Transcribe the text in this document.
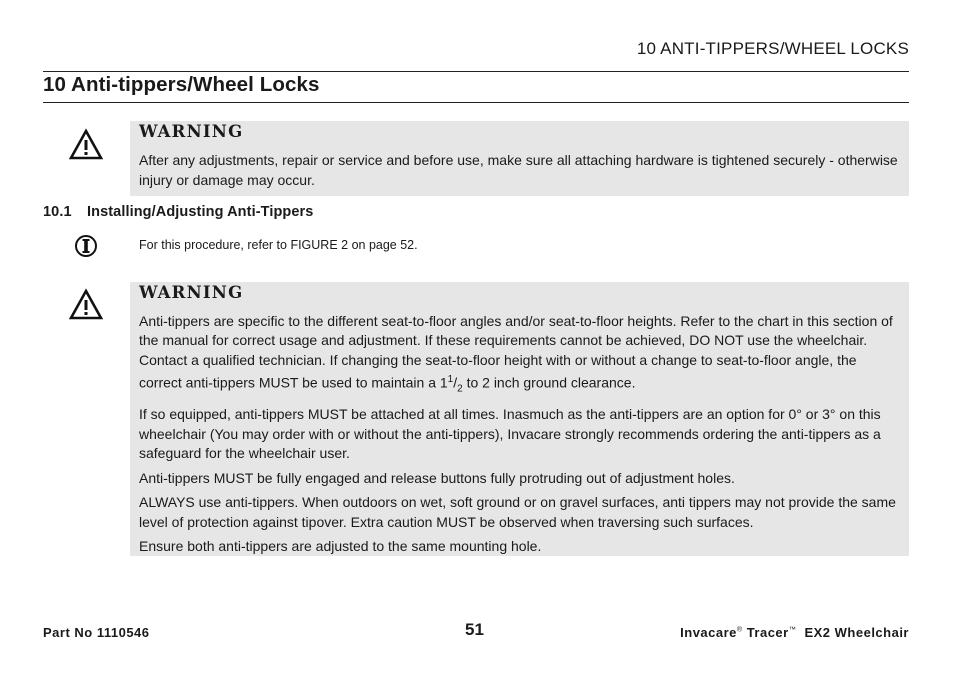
10 ANTI-TIPPERS/WHEEL LOCKS
10 Anti-tippers/Wheel Locks
WARNING

After any adjustments, repair or service and before use, make sure all attaching hardware is tightened securely - otherwise injury or damage may occur.

10.1 Installing/Adjusting Anti-Tippers
For this procedure, refer to FIGURE 2 on page 52.
WARNING

Anti-tippers are specific to the different seat-to-floor angles and/or seat-to-floor heights. Refer to the chart in this section of the manual for correct usage and adjustment. If these requirements cannot be achieved, DO NOT use the wheelchair. Contact a qualified technician. If changing the seat-to-floor height with or without a change to seat-to-floor angle, the correct anti-tippers MUST be used to maintain a $1^1/_2$ to 2 inch ground clearance.

If so equipped, anti-tippers MUST be attached at all times. Inasmuch as the anti-tippers are an option for 0° or 3° on this wheelchair (You may order with or without the anti-tippers), Invacare strongly recommends ordering the anti-tippers as a safeguard for the wheelchair user.

Anti-tippers MUST be fully engaged and release buttons fully protruding out of adjustment holes.

ALWAYS use anti-tippers. When outdoors on wet, soft ground or on gravel surfaces, anti tippers may not provide the same level of protection against tipover. Extra caution MUST be observed when traversing such surfaces.

Ensure both anti-tippers are adjusted to the same mounting hole.

Part No 1110546	51	Invacare® Tracer™  EX2 Wheelchair
